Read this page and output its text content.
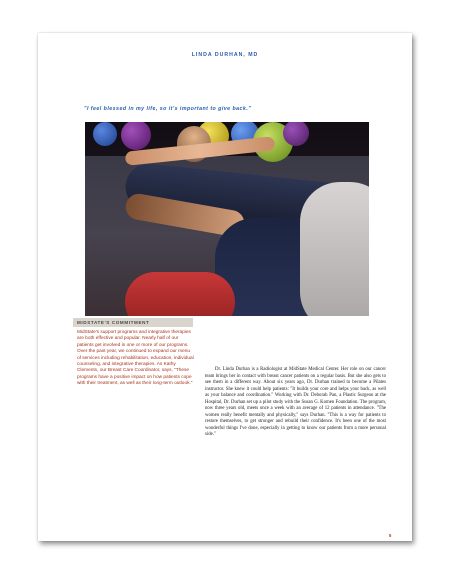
LINDA DURHAN, MD
"I feel blessed in my life, so it's important to give back."
MIDSTATE'S COMMITMENT
MidState's support programs and integrative therapies are both effective and popular. Nearly half of our patients get involved in one or more of our programs. Over the past year, we continued to expand our menu of services including rehabilitation, education, individual counseling, and integrative therapies. As Kathy Clements, our Breast Care Coordinator, says, "These programs have a positive impact on how patients cope with their treatment, as well as their long-term outlook."
Dr. Linda Durhan is a Radiologist at MidState Medical Center. Her role on our cancer team brings her in contact with breast cancer patients on a regular basis. But she also gets to see them in a different way. About six years ago, Dr. Durhan trained to become a Pilates instructor. She knew it could help patients: "It builds your core and helps your back, as well as your balance and coordination." Working with Dr. Deborah Pan, a Plastic Surgeon at the Hospital, Dr. Durhan set up a pilot study with the Susan G. Komen Foundation. The program, now three years old, meets once a week with an average of 12 patients in attendance. "The women really benefit mentally and physically," says Durhan. "This is a way for patients to restore themselves, to get stronger and rebuild their confidence. It's been one of the most wonderful things I've done, especially in getting to know our patients from a more personal side."
5
